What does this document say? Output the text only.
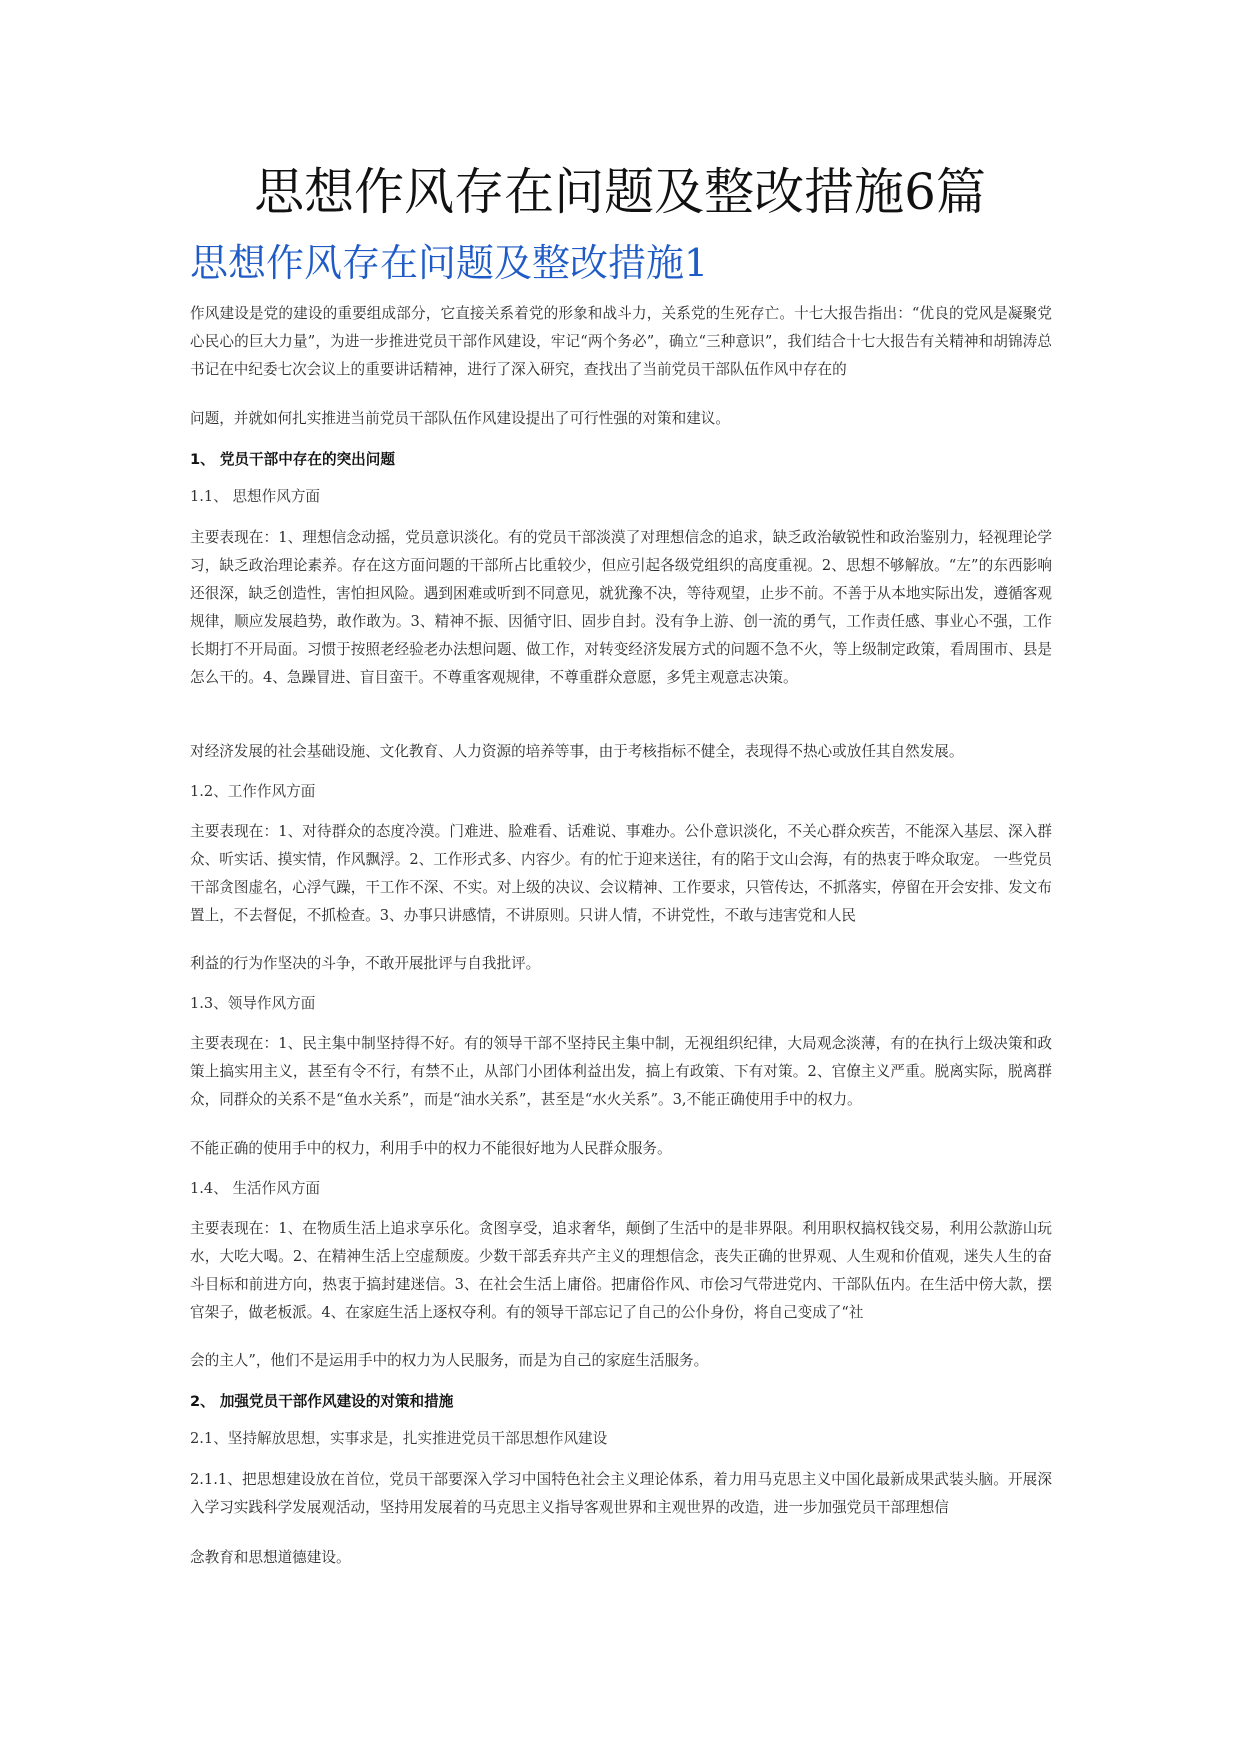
思想作风存在问题及整改措施6篇
思想作风存在问题及整改措施1

作风建设是党的建设的重要组成部分，它直接关系着党的形象和战斗力，关系党的生死存亡。十七大报告指出：“优良的党风是凝聚党心民心的巨大力量”，为进一步推进党员干部作风建设，牢记“两个务必”，确立“三种意识”，我们结合十七大报告有关精神和胡锦涛总书记在中纪委七次会议上的重要讲话精神，进行了深入研究，查找出了当前党员干部队伍作风中存在的

问题，并就如何扎实推进当前党员干部队伍作风建设提出了可行性强的对策和建议。

1、 党员干部中存在的突出问题

1.1、 思想作风方面

主要表现在：1、理想信念动摇，党员意识淡化。有的党员干部淡漠了对理想信念的追求，缺乏政治敏锐性和政治鉴别力，轻视理论学习，缺乏政治理论素养。存在这方面问题的干部所占比重较少，但应引起各级党组织的高度重视。2、思想不够解放。“左”的东西影响还很深，缺乏创造性，害怕担风险。遇到困难或听到不同意见，就犹豫不决，等待观望，止步不前。不善于从本地实际出发，遵循客观规律，顺应发展趋势，敢作敢为。3、精神不振、因循守旧、固步自封。没有争上游、创一流的勇气，工作责任感、事业心不强，工作长期打不开局面。习惯于按照老经验老办法想问题、做工作，对转变经济发展方式的问题不急不火，等上级制定政策，看周围市、县是怎么干的。4、急躁冒进、盲目蛮干。不尊重客观规律，不尊重群众意愿，多凭主观意志决策。

对经济发展的社会基础设施、文化教育、人力资源的培养等事，由于考核指标不健全，表现得不热心或放任其自然发展。

1.2、工作作风方面

主要表现在：1、对待群众的态度冷漠。门难进、脸难看、话难说、事难办。公仆意识淡化，不关心群众疾苦，不能深入基层、深入群众、听实话、摸实情，作风飘浮。2、工作形式多、内容少。有的忙于迎来送往，有的陷于文山会海，有的热衷于哗众取宠。 一些党员干部贪图虚名，心浮气躁，干工作不深、不实。对上级的决议、会议精神、工作要求，只管传达，不抓落实，停留在开会安排、发文布置上，不去督促，不抓检查。3、办事只讲感情，不讲原则。只讲人情，不讲党性，不敢与违害党和人民

利益的行为作坚决的斗争，不敢开展批评与自我批评。

1.3、领导作风方面

主要表现在：1、民主集中制坚持得不好。有的领导干部不坚持民主集中制，无视组织纪律，大局观念淡薄，有的在执行上级决策和政策上搞实用主义，甚至有令不行，有禁不止，从部门小团体利益出发，搞上有政策、下有对策。2、官僚主义严重。脱离实际，脱离群众，同群众的关系不是“鱼水关系”，而是“油水关系”，甚至是“水火关系”。3,不能正确使用手中的权力。

不能正确的使用手中的权力，利用手中的权力不能很好地为人民群众服务。

1.4、 生活作风方面

主要表现在：1、在物质生活上追求享乐化。贪图享受，追求奢华，颠倒了生活中的是非界限。利用职权搞权钱交易，利用公款游山玩水，大吃大喝。2、在精神生活上空虚颓废。少数干部丢弃共产主义的理想信念，丧失正确的世界观、人生观和价值观，迷失人生的奋斗目标和前进方向，热衷于搞封建迷信。3、在社会生活上庸俗。把庸俗作风、市侩习气带进党内、干部队伍内。在生活中傍大款，摆官架子，做老板派。4、在家庭生活上逐权夺利。有的领导干部忘记了自己的公仆身份，将自己变成了“社

会的主人”，他们不是运用手中的权力为人民服务，而是为自己的家庭生活服务。

2、 加强党员干部作风建设的对策和措施

2.1、坚持解放思想，实事求是，扎实推进党员干部思想作风建设

2.1.1、把思想建设放在首位，党员干部要深入学习中国特色社会主义理论体系，着力用马克思主义中国化最新成果武装头脑。开展深入学习实践科学发展观活动，坚持用发展着的马克思主义指导客观世界和主观世界的改造，进一步加强党员干部理想信

念教育和思想道德建设。
